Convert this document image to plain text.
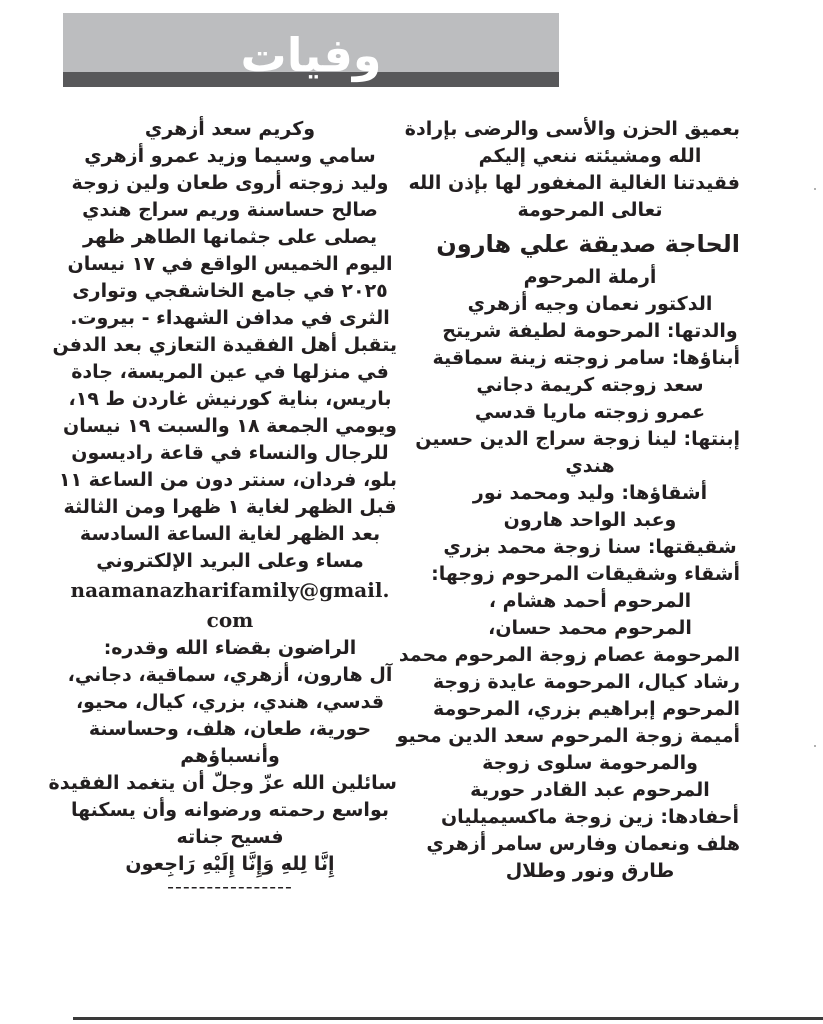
وفيات
بعميق الحزن والأسى والرضى بإرادة
الله ومشيئته ننعي إليكم
فقيدتنا الغالية المغفور لها بإذن الله
تعالى المرحومة
الحاجة صديقة علي هارون
أرملة المرحوم
الدكتور نعمان وجيه أزهري
والدتها: المرحومة لطيفة شريتح
أبناؤها: سامر زوجته زينة سماقية
سعد زوجته كريمة دجاني
عمرو زوجته ماريا قدسي
إبنتها: لينا زوجة سراج الدين حسين
هندي
أشقاؤها: وليد ومحمد نور
وعبد الواحد هارون
شقيقتها: سنا زوجة محمد بزري
أشقاء وشقيقات المرحوم زوجها:
المرحوم أحمد هشام ،
المرحوم محمد حسان،
المرحومة عصام زوجة المرحوم محمد
رشاد كيال، المرحومة عايدة زوجة
المرحوم إبراهيم بزري، المرحومة
أميمة زوجة المرحوم سعد الدين محيو
والمرحومة سلوى زوجة
المرحوم عبد القادر حورية
أحفادها: زين زوجة ماكسيميليان
هلف ونعمان وفارس سامر أزهري
طارق ونور وطلال
وكريم سعد أزهري
سامي وسيما وزيد عمرو أزهري
وليد زوجته أروى طعان ولين زوجة
صالح حساسنة وريم سراج هندي
يصلى على جثمانها الطاهر ظهر
اليوم الخميس الواقع في ١٧ نيسان
٢٠٢٥ في جامع الخاشقجي وتوارى
الثرى في مدافن الشهداء - بيروت.
يتقبل أهل الفقيدة التعازي بعد الدفن
في منزلها في عين المريسة، جادة
باريس، بناية كورنيش غاردن ط ١٩،
ويومي الجمعة ١٨ والسبت ١٩ نيسان
للرجال والنساء في قاعة راديسون
بلو، فردان، سنتر دون من الساعة ١١
قبل الظهر لغاية ١ ظهرا ومن الثالثة
بعد الظهر لغاية الساعة السادسة
مساء وعلى البريد الإلكتروني
naamanazharifamily@gmail.
com
الراضون بقضاء الله وقدره:
آل هارون، أزهري، سماقية، دجاني،
قدسي، هندي، بزري، كيال، محيو،
حورية، طعان، هلف، وحساسنة
وأنسباؤهم
سائلين الله عزّ وجلّ أن يتغمد الفقيدة
بواسع رحمته ورضوانه وأن يسكنها
فسيح جناته
إِنَّا لِلهِ وَإِنَّا إِلَيْهِ رَاجِعون
----------------
